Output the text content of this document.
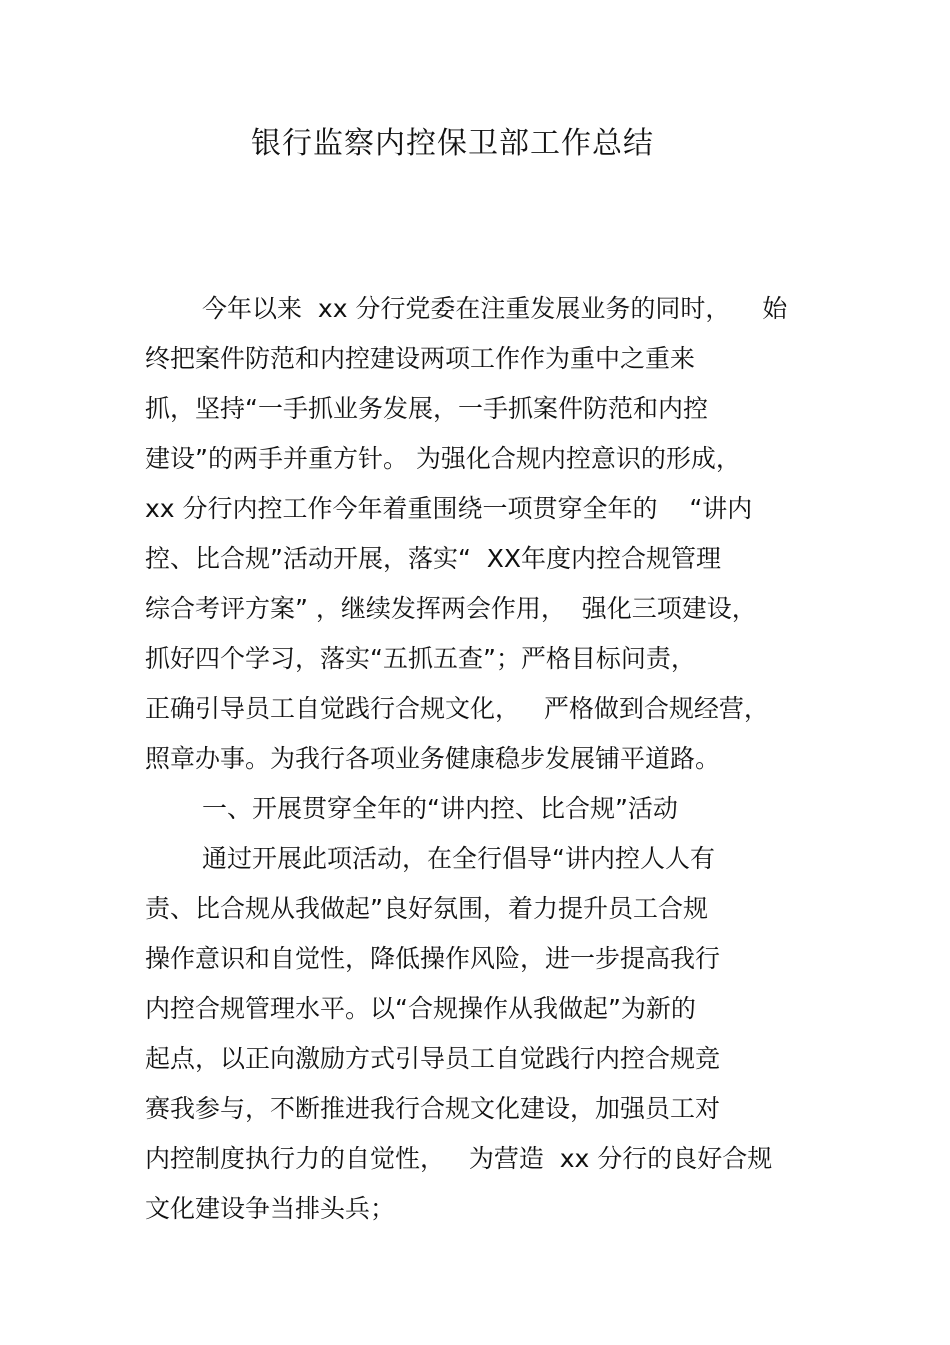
银行监察内控保卫部工作总结
今年以来  xx 分行党委在注重发展业务的同时，    始
终把案件防范和内控建设两项工作作为重中之重来
抓，坚持“一手抓业务发展，一手抓案件防范和内控
建设”的两手并重方针。 为强化合规内控意识的形成，
xx 分行内控工作今年着重围绕一项贯穿全年的    “讲内
控、比合规”活动开展，落实“  XX年度内控合规管理
综合考评方案” ，继续发挥两会作用，  强化三项建设，
抓好四个学习，落实“五抓五查”；严格目标问责，
正确引导员工自觉践行合规文化，   严格做到合规经营，
照章办事。为我行各项业务健康稳步发展铺平道路。
一、开展贯穿全年的“讲内控、比合规”活动
通过开展此项活动，在全行倡导“讲内控人人有
责、比合规从我做起”良好氛围，着力提升员工合规
操作意识和自觉性，降低操作风险，进一步提高我行
内控合规管理水平。以“合规操作从我做起”为新的
起点，以正向激励方式引导员工自觉践行内控合规竞
赛我参与，不断推进我行合规文化建设，加强员工对
内控制度执行力的自觉性，   为营造  xx 分行的良好合规
文化建设争当排头兵；
